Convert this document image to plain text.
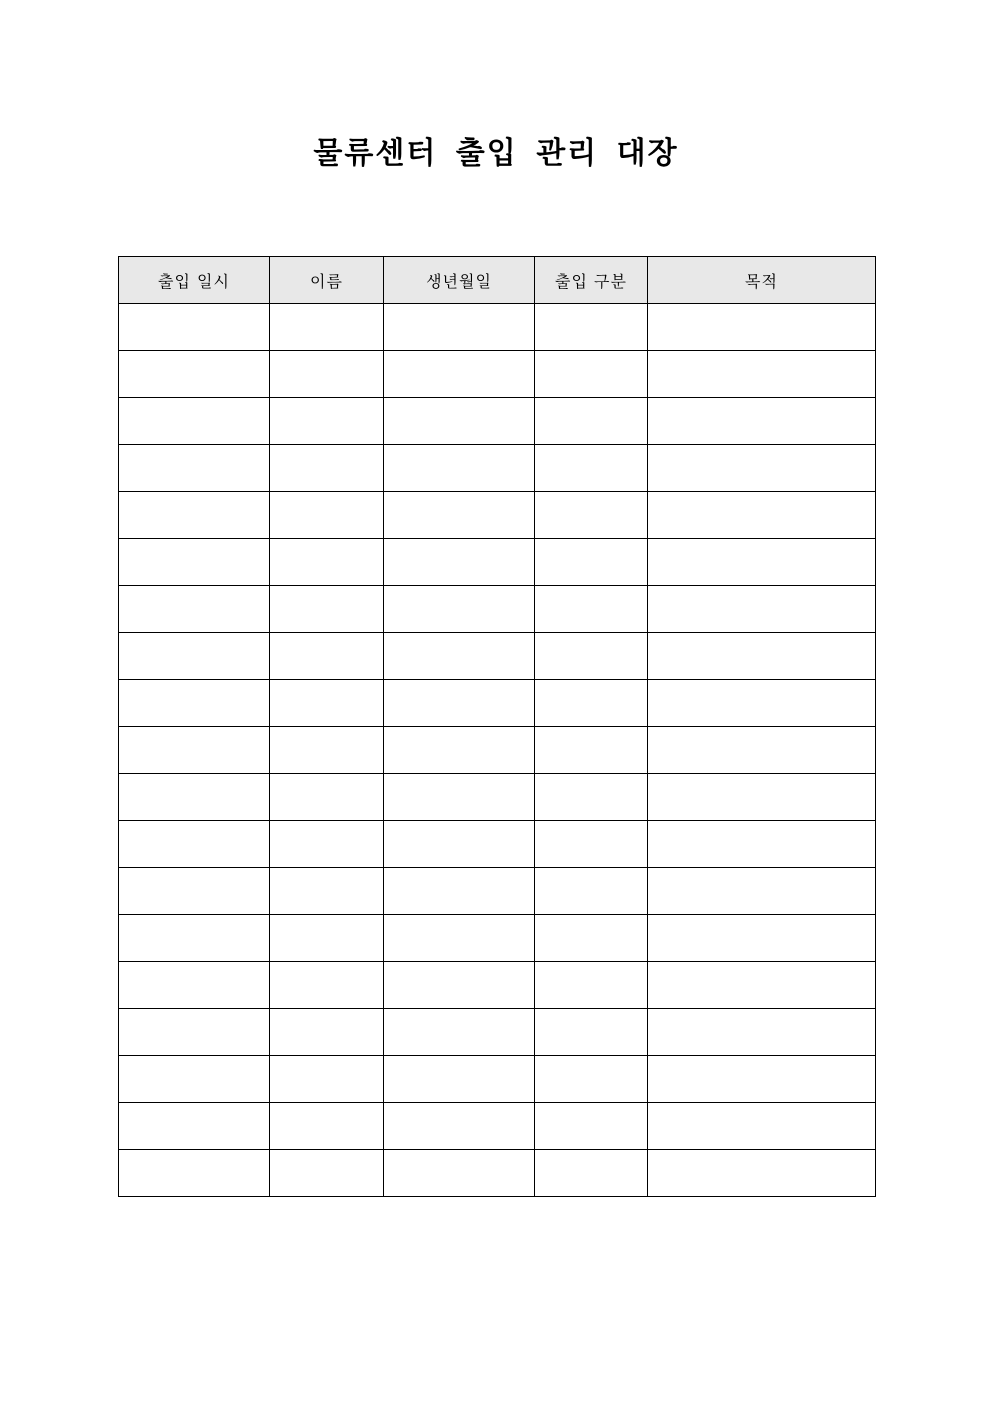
물류센터 출입 관리 대장
출입 일시	이름	생년월일	출입 구분	목적
